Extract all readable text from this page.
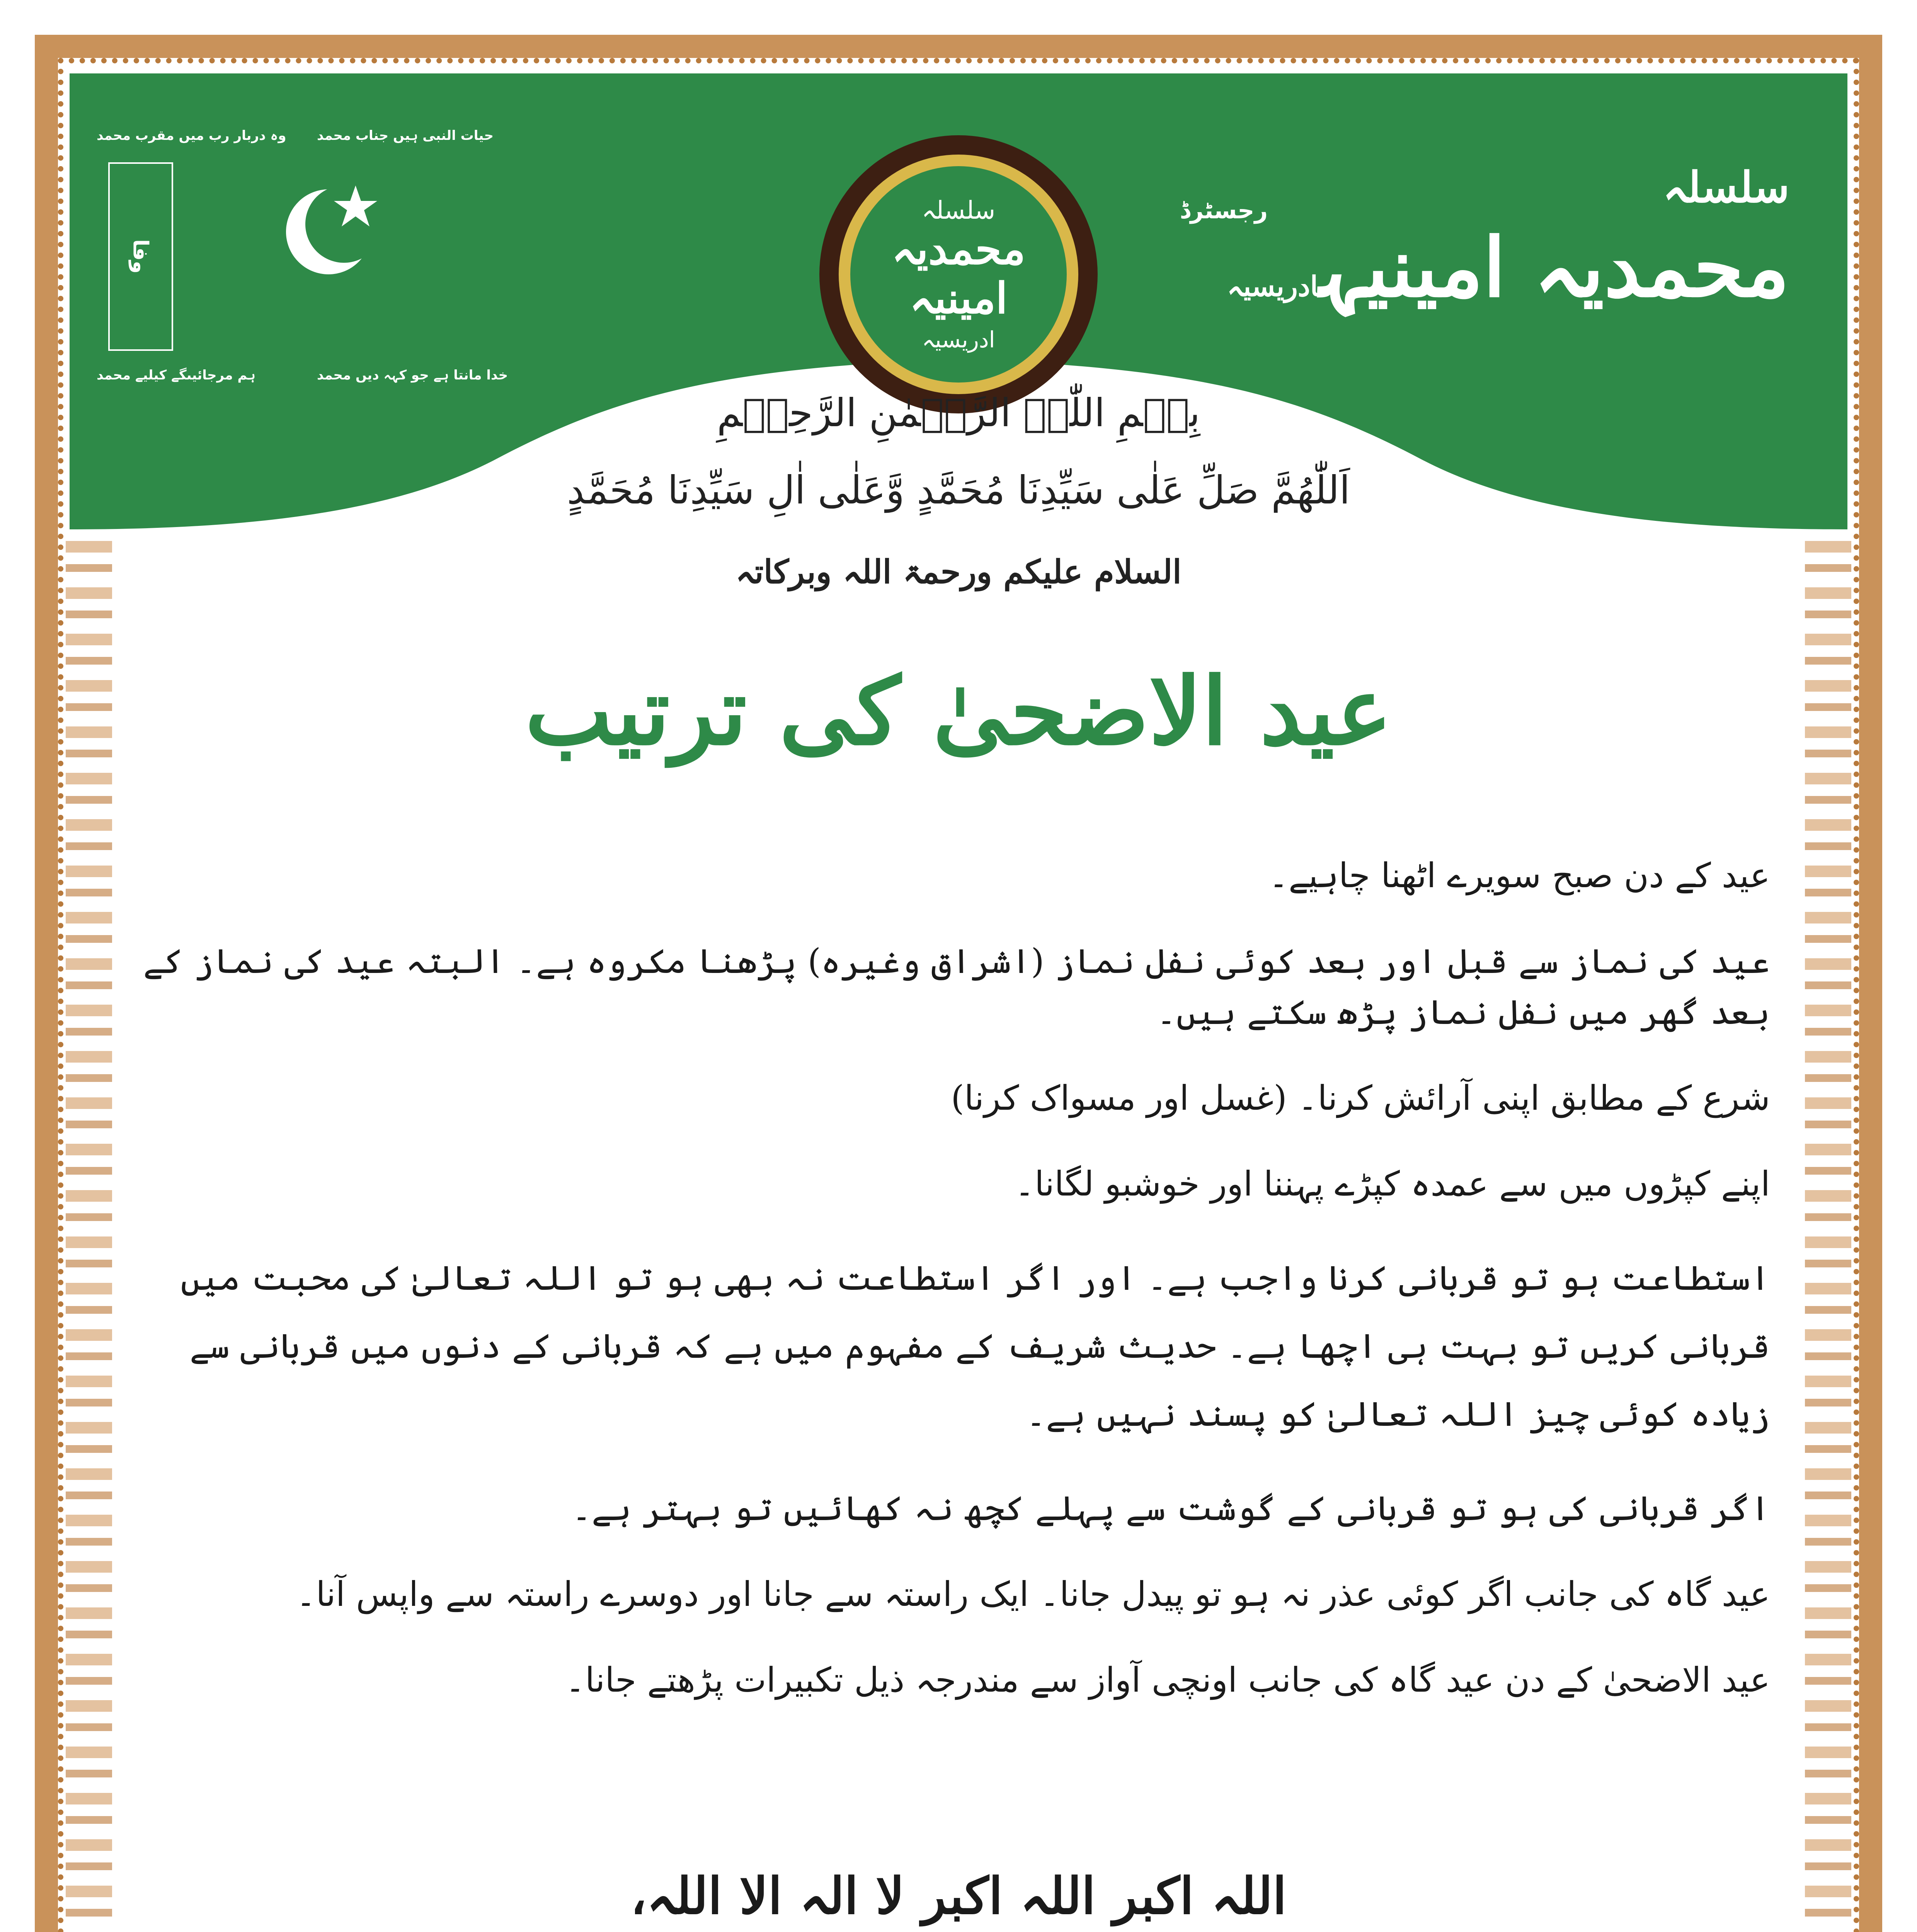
سلسلہ
محمدیہ امینیہادریسیہ
رجسٹرڈ
سلسلہ
محمدیہ
امینیہ
ادریسیہ
وفا
وہ دربار رب میں مقرب محمد حیات النبی ہیں جناب محمد
ہم مرجائیںگے کیلیے محمد	خدا مانتا ہے جو کہہ دیں محمد
بِسۡمِ اللّٰہِ الرَّحۡمٰنِ الرَّحِیۡمِ
اَللّٰھُمَّ صَلِّ عَلٰی سَیِّدِنَا مُحَمَّدٍ وَّعَلٰی اٰلِ سَیِّدِنَا مُحَمَّدٍ
السلام علیکم ورحمۃ اللہ وبرکاتہ
عید الاضحیٰ کی ترتیب
عید کے دن صبح سویرے اٹھنا چاہیے۔
عید کی نماز سے قبل اور بعد کوئی نفل نماز (اشراق وغیرہ) پڑھنا مکروہ ہے۔ البتہ عید کی نماز کے بعد گھر میں نفل نماز پڑھ سکتے ہیں۔
شرع کے مطابق اپنی آرائش کرنا۔ (غسل اور مسواک کرنا)
اپنے کپڑوں میں سے عمدہ کپڑے پہننا اور خوشبو لگانا۔
استطاعت ہو تو قربانی کرنا واجب ہے۔ اور اگر استطاعت نہ بھی ہو تو اللہ تعالیٰ کی محبت میں قربانی کریں تو بہت ہی اچھا ہے۔ حدیث شریف کے مفہوم میں ہے کہ قربانی کے دنوں میں قربانی سے زیادہ کوئی چیز اللہ تعالیٰ کو پسند نہیں ہے۔
اگر قربانی کی ہو تو قربانی کے گوشت سے پہلے کچھ نہ کھائیں تو بہتر ہے۔
عید گاہ کی جانب اگر کوئی عذر نہ ہو تو پیدل جانا۔ ایک راستہ سے جانا اور دوسرے راستہ سے واپس آنا۔
عید الاضحیٰ کے دن عید گاہ کی جانب اونچی آواز سے مندرجہ ذیل تکبیرات پڑھتے جانا۔
اللہ اکبر اللہ اکبر لا الہ الا اللہ،
